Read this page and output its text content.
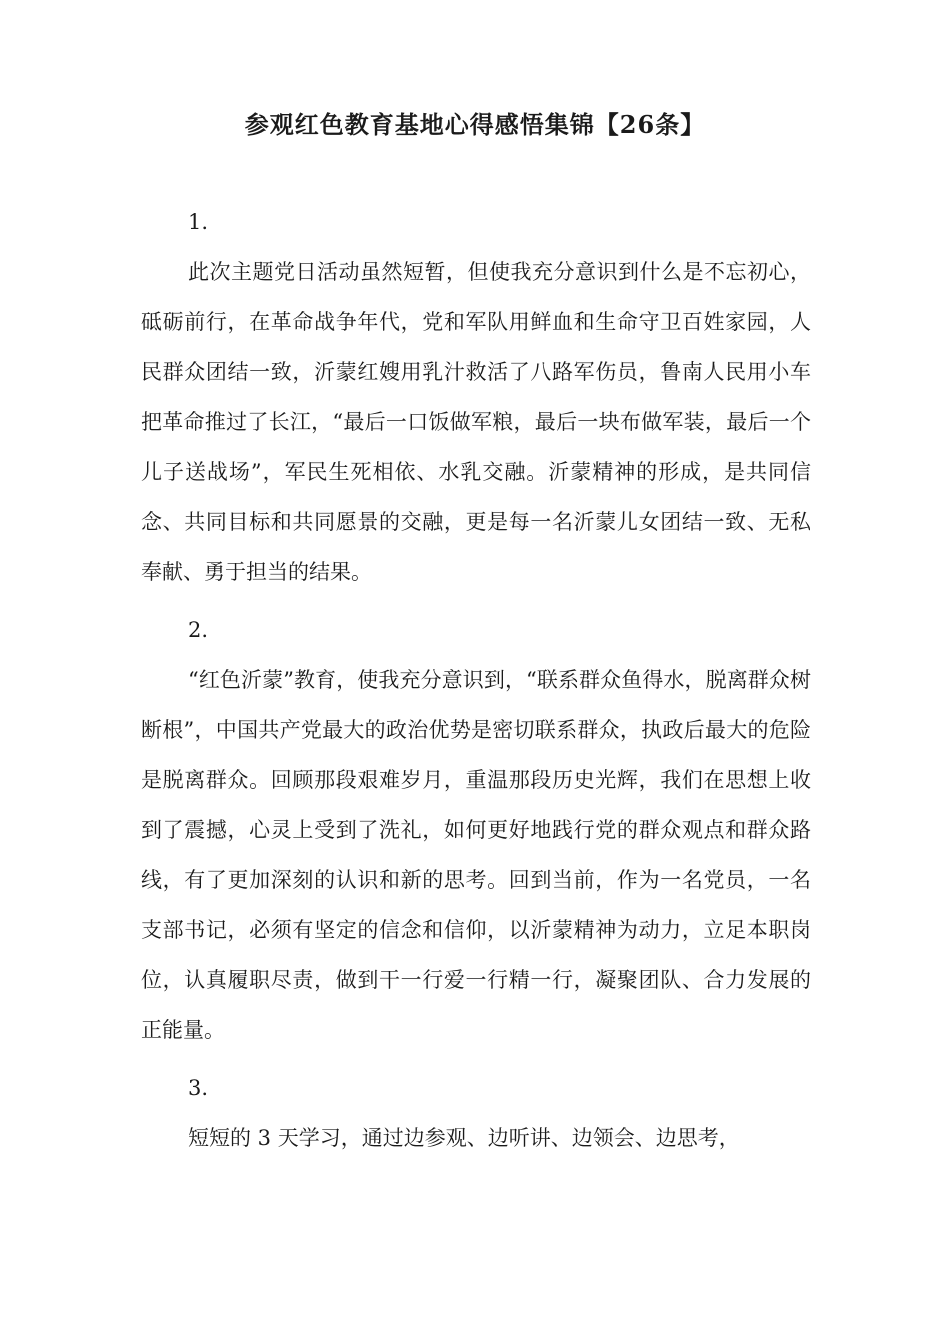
参观红色教育基地心得感悟集锦【26条】

1.

此次主题党日活动虽然短暂，但使我充分意识到什么是不忘初心，砥砺前行，在革命战争年代，党和军队用鲜血和生命守卫百姓家园，人民群众团结一致，沂蒙红嫂用乳汁救活了八路军伤员，鲁南人民用小车把革命推过了长江，“最后一口饭做军粮，最后一块布做军装，最后一个儿子送战场”，军民生死相依、水乳交融。沂蒙精神的形成，是共同信念、共同目标和共同愿景的交融，更是每一名沂蒙儿女团结一致、无私奉献、勇于担当的结果。

2.

“红色沂蒙”教育，使我充分意识到，“联系群众鱼得水，脱离群众树断根”，中国共产党最大的政治优势是密切联系群众，执政后最大的危险是脱离群众。回顾那段艰难岁月，重温那段历史光辉，我们在思想上收到了震撼，心灵上受到了洗礼，如何更好地践行党的群众观点和群众路线，有了更加深刻的认识和新的思考。回到当前，作为一名党员，一名支部书记，必须有坚定的信念和信仰，以沂蒙精神为动力，立足本职岗位，认真履职尽责，做到干一行爱一行精一行，凝聚团队、合力发展的正能量。

3.

短短的 3 天学习，通过边参观、边听讲、边领会、边思考，
